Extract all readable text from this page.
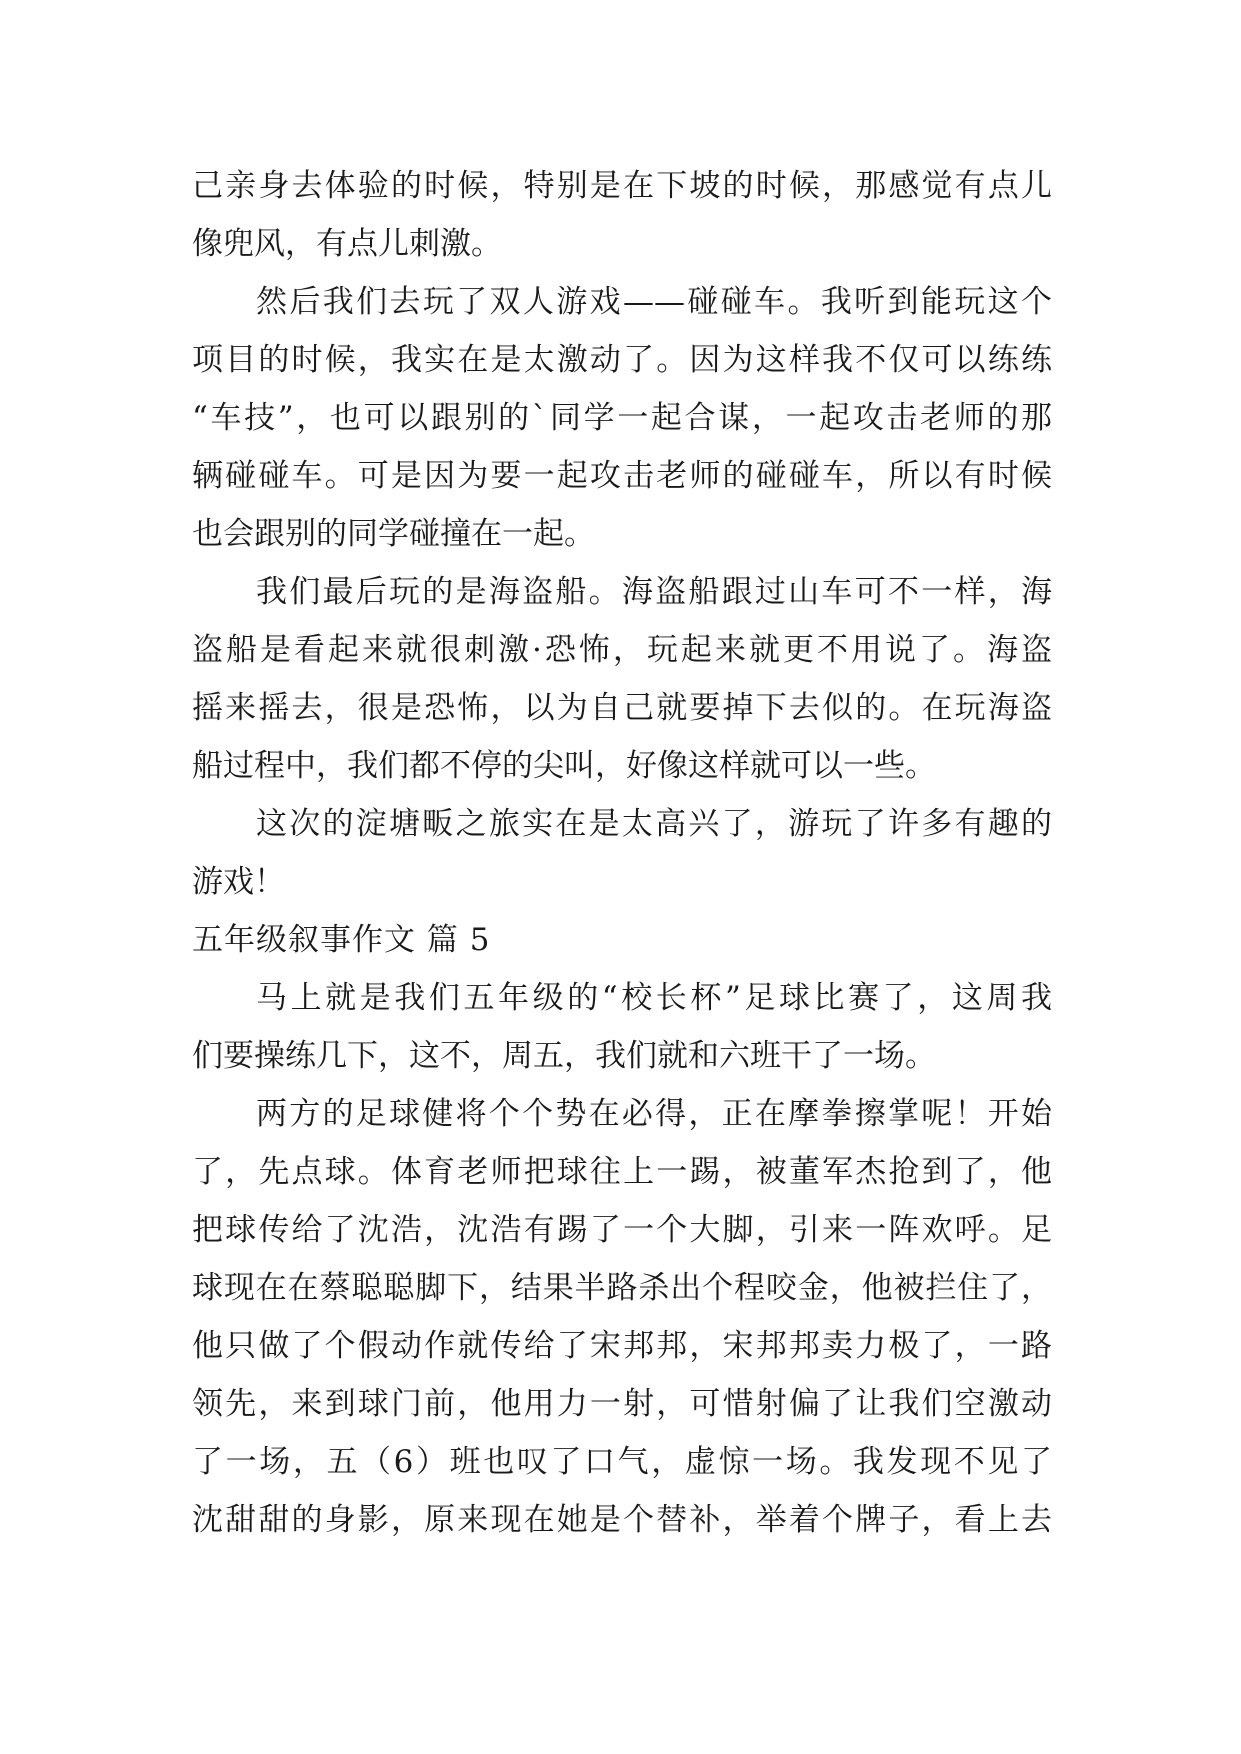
己亲身去体验的时候，特别是在下坡的时候，那感觉有点儿
像兜风，有点儿刺激。
然后我们去玩了双人游戏——碰碰车。我听到能玩这个
项目的时候，我实在是太激动了。因为这样我不仅可以练练
“车技”，也可以跟别的`同学一起合谋，一起攻击老师的那
辆碰碰车。可是因为要一起攻击老师的碰碰车，所以有时候
也会跟别的同学碰撞在一起。
我们最后玩的是海盗船。海盗船跟过山车可不一样，海
盗船是看起来就很刺激·恐怖，玩起来就更不用说了。海盗
摇来摇去，很是恐怖，以为自己就要掉下去似的。在玩海盗
船过程中，我们都不停的尖叫，好像这样就可以一些。
这次的淀塘畈之旅实在是太高兴了，游玩了许多有趣的
游戏！
五年级叙事作文 篇 5
马上就是我们五年级的“校长杯”足球比赛了，这周我
们要操练几下，这不，周五，我们就和六班干了一场。
两方的足球健将个个势在必得，正在摩拳擦掌呢！开始
了，先点球。体育老师把球往上一踢，被董军杰抢到了，他
把球传给了沈浩，沈浩有踢了一个大脚，引来一阵欢呼。足
球现在在蔡聪聪脚下，结果半路杀出个程咬金，他被拦住了，
他只做了个假动作就传给了宋邦邦，宋邦邦卖力极了，一路
领先，来到球门前，他用力一射，可惜射偏了让我们空激动
了一场，五（6）班也叹了口气，虚惊一场。我发现不见了
沈甜甜的身影，原来现在她是个替补，举着个牌子，看上去
